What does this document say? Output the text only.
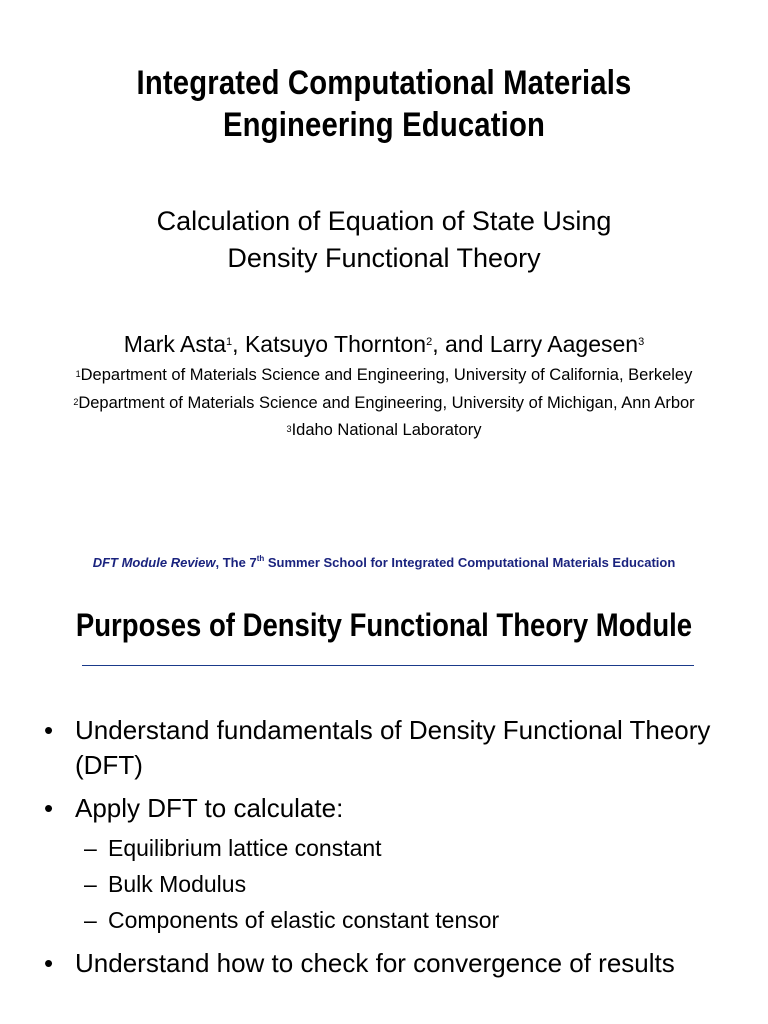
Integrated Computational Materials
Engineering Education
Calculation of Equation of State Using
Density Functional Theory
Mark Asta$^1$, Katsuyo Thornton$^2$, and Larry Aagesen$^3$
$^1$Department of Materials Science and Engineering, University of California, Berkeley
$^2$Department of Materials Science and Engineering, University of Michigan, Ann Arbor
$^3$Idaho National Laboratory
DFT Module Review, The 7th Summer School for Integrated Computational Materials Education
Purposes of Density Functional Theory Module
• Understand fundamentals of Density Functional Theory (DFT)
• Apply DFT to calculate:
– Equilibrium lattice constant
– Bulk Modulus
– Components of elastic constant tensor
• Understand how to check for convergence of results
